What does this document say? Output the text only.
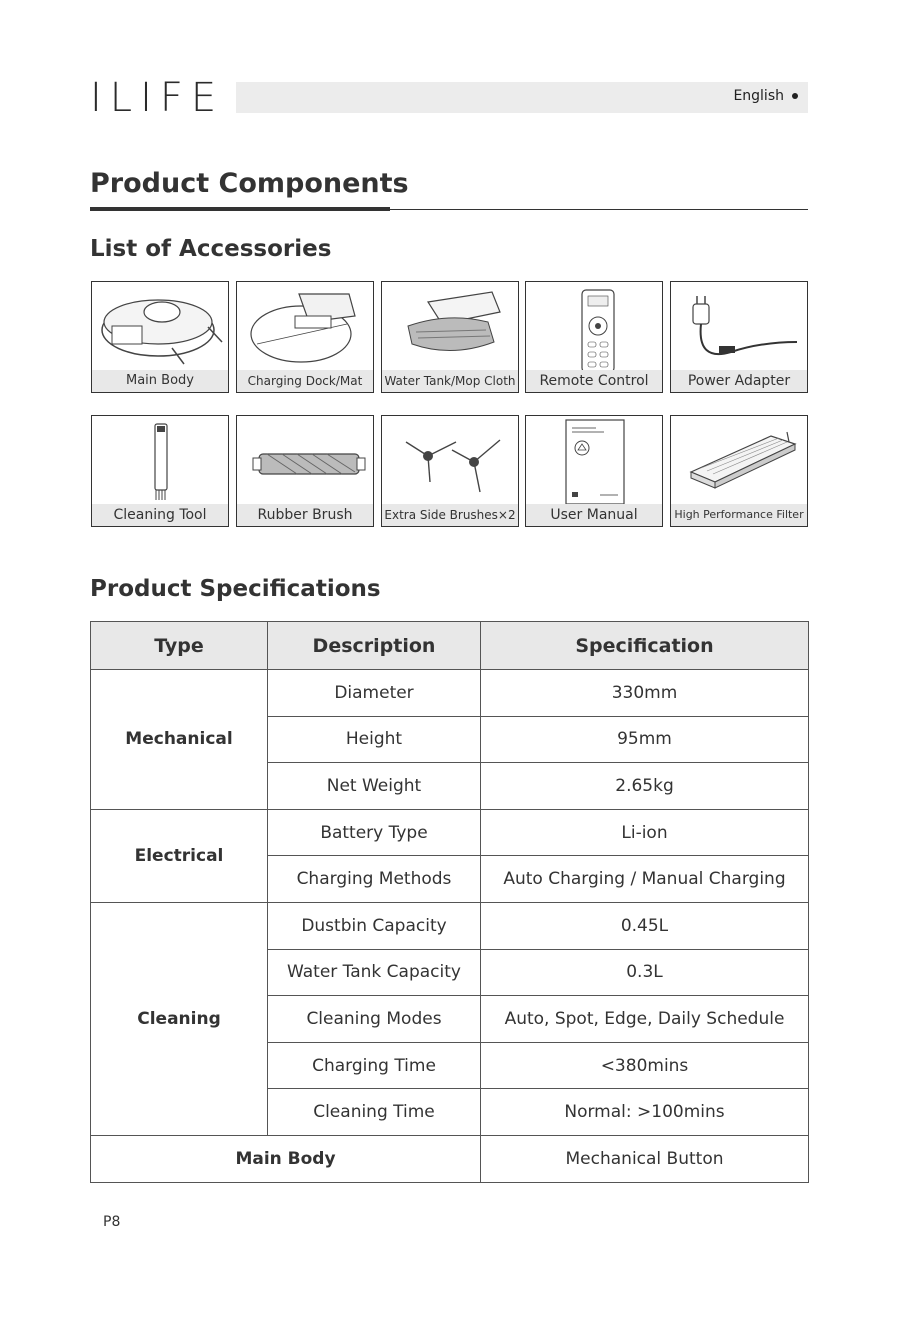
ILIFE	English
Product Components
List of Accessories
Main Body	Charging Dock/Mat	Water Tank/Mop Cloth	Remote Control	Power Adapter
Cleaning Tool	Rubber Brush	Extra Side Brushes×2	User Manual	High Performance Filter
Product Specifications
Type	Description	Specification
Mechanical	Diameter	330mm
	Height	95mm
	Net Weight	2.65kg
Electrical	Battery Type	Li-ion
	Charging Methods	Auto Charging / Manual Charging
Cleaning	Dustbin Capacity	0.45L
	Water Tank Capacity	0.3L
	Cleaning Modes	Auto, Spot, Edge, Daily Schedule
	Charging Time	<380mins
	Cleaning Time	Normal: >100mins
Main Body		Mechanical Button
P8
